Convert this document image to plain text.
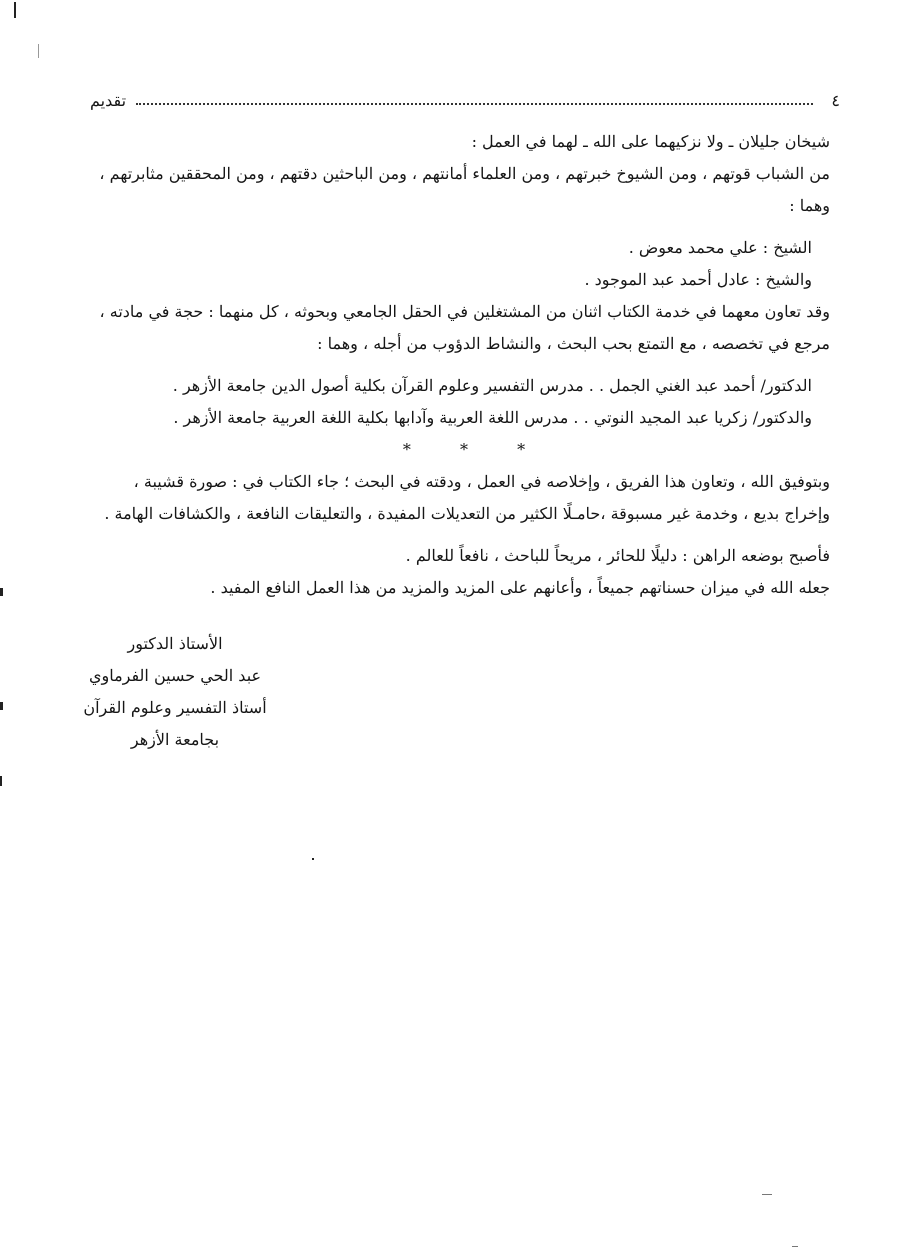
٤
تقديم
شيخان جليلان ـ ولا نزكيهما على الله ـ لهما في العمل :
من الشباب قوتهم ، ومن الشيوخ خبرتهم ، ومن العلماء أمانتهم ، ومن الباحثين دقتهم ، ومن المحققين مثابرتهم ،
وهما :
الشيخ : علي محمد معوض .
والشيخ : عادل أحمد عبد الموجود .
وقد تعاون معهما في خدمة الكتاب اثنان من المشتغلين في الحقل الجامعي وبحوثه ، كل منهما : حجة في مادته ،
مرجع في تخصصه ، مع التمتع بحب البحث ، والنشاط الدؤوب من أجله ، وهما :
الدكتور/ أحمد عبد الغني الجمل . . مدرس التفسير وعلوم القرآن بكلية أصول الدين جامعة الأزهر .
والدكتور/ زكريا عبد المجيد النوتي . . مدرس اللغة العربية وآدابها بكلية اللغة العربية جامعة الأزهر .
* * *
وبتوفيق الله ، وتعاون هذا الفريق ، وإخلاصه في العمل ، ودقته في البحث ؛ جاء الكتاب في : صورة قشيبة ،
وإخراج بديع ، وخدمة غير مسبوقة ،حامـلًا الكثير من التعديلات المفيدة ، والتعليقات النافعة ، والكشافات الهامة .
فأصبح بوضعه الراهن : دليلًا للحائر ، مريحاً للباحث ، نافعاً للعالم .
جعله الله في ميزان حسناتهم جميعاً ، وأعانهم على المزيد والمزيد من هذا العمل النافع المفيد .
الأستاذ الدكتور
عبد الحي حسين الفرماوي
أستاذ التفسير وعلوم القرآن
بجامعة الأزهر
